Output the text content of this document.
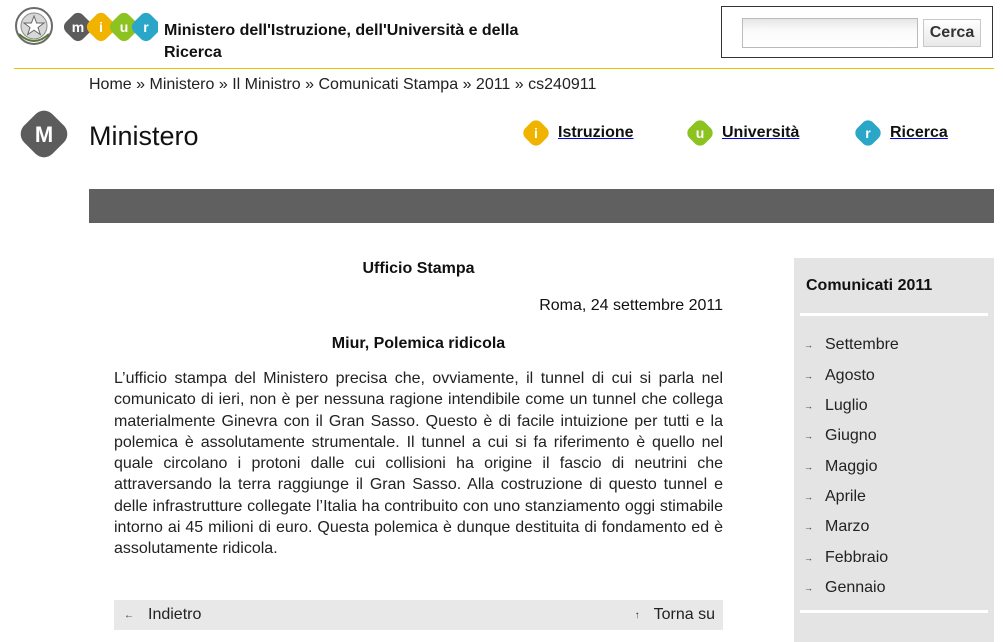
m i u r Ministero dell'Istruzione, dell'Università e della Ricerca
Cerca
Home » Ministero » Il Ministro » Comunicati Stampa » 2011 » cs240911
M Ministero	i Istruzione	u Università	r Ricerca
Ufficio Stampa
Roma, 24 settembre 2011
Miur, Polemica ridicola
L’ufficio stampa del Ministero precisa che, ovviamente, il tunnel di cui si parla nel comunicato di ieri, non è per nessuna ragione intendibile come un tunnel che collega materialmente Ginevra con il Gran Sasso. Questo è di facile intuizione per tutti e la polemica è assolutamente strumentale. Il tunnel a cui si fa riferimento è quello nel quale circolano i protoni dalle cui collisioni ha origine il fascio di neutrini che attraversando la terra raggiunge il Gran Sasso. Alla costruzione di questo tunnel e delle infrastrutture collegate l’Italia ha contribuito con uno stanziamento oggi stimabile intorno ai 45 milioni di euro. Questa polemica è dunque destituita di fondamento ed è assolutamente ridicola.
← Indietro	↑ Torna su
Comunicati 2011
→ Settembre
→ Agosto
→ Luglio
→ Giugno
→ Maggio
→ Aprile
→ Marzo
→ Febbraio
→ Gennaio
